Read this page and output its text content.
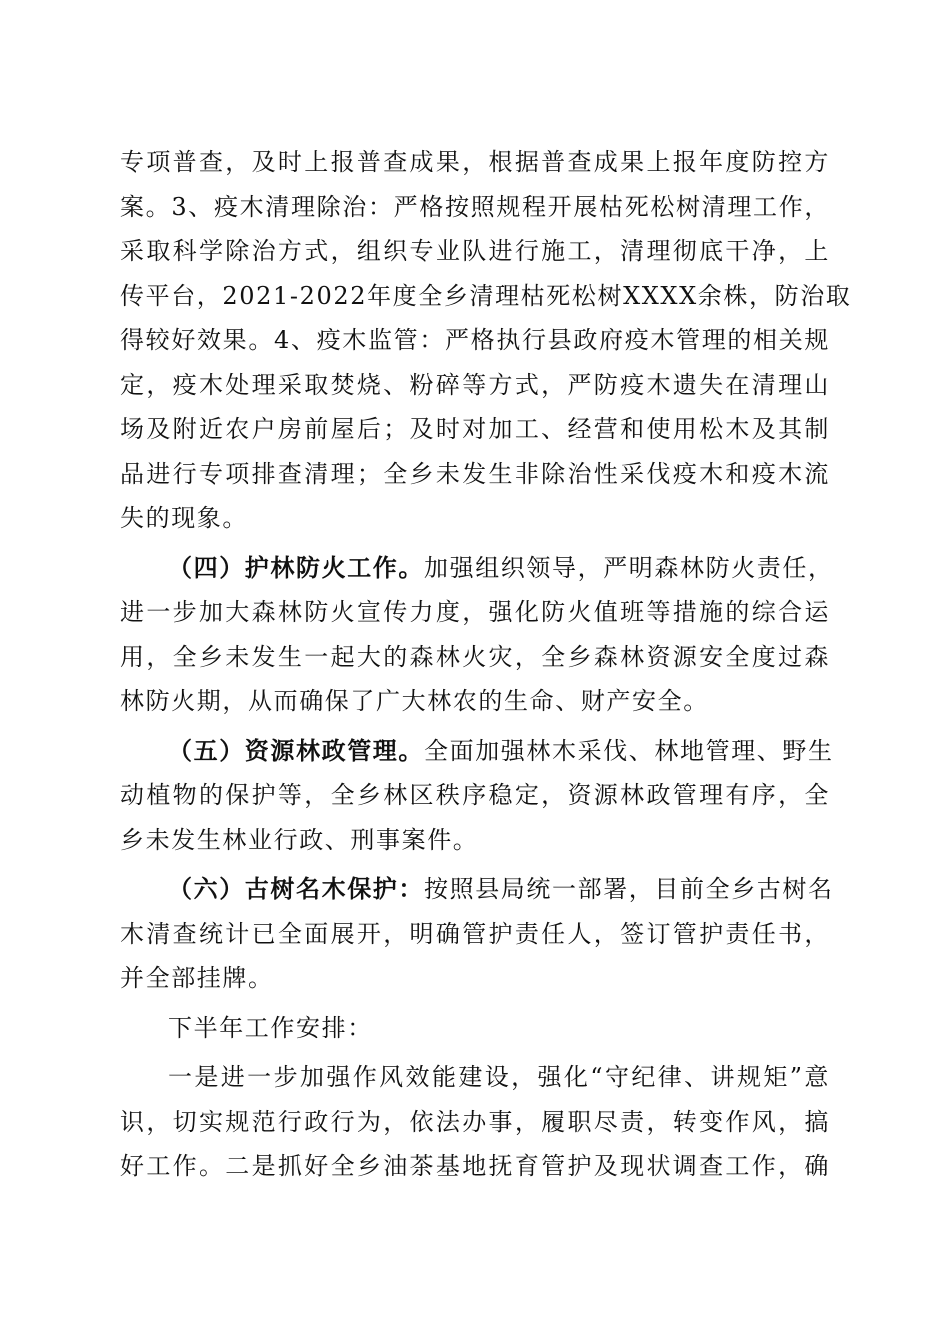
专项普查，及时上报普查成果，根据普查成果上报年度防控方
案。3、疫木清理除治：严格按照规程开展枯死松树清理工作，
采取科学除治方式，组织专业队进行施工，清理彻底干净，上
传平台，2021-2022年度全乡清理枯死松树XXXX余株，防治取
得较好效果。4、疫木监管：严格执行县政府疫木管理的相关规
定，疫木处理采取焚烧、粉碎等方式，严防疫木遗失在清理山
场及附近农户房前屋后；及时对加工、经营和使用松木及其制
品进行专项排查清理；全乡未发生非除治性采伐疫木和疫木流
失的现象。
（四）护林防火工作。加强组织领导，严明森林防火责任，
进一步加大森林防火宣传力度，强化防火值班等措施的综合运
用，全乡未发生一起大的森林火灾，全乡森林资源安全度过森
林防火期，从而确保了广大林农的生命、财产安全。
（五）资源林政管理。全面加强林木采伐、林地管理、野生
动植物的保护等，全乡林区秩序稳定，资源林政管理有序，全
乡未发生林业行政、刑事案件。
（六）古树名木保护：按照县局统一部署，目前全乡古树名
木清查统计已全面展开，明确管护责任人，签订管护责任书，
并全部挂牌。
下半年工作安排：
一是进一步加强作风效能建设，强化“守纪律、讲规矩”意
识，切实规范行政行为，依法办事，履职尽责，转变作风，搞
好工作。二是抓好全乡油茶基地抚育管护及现状调查工作，确
